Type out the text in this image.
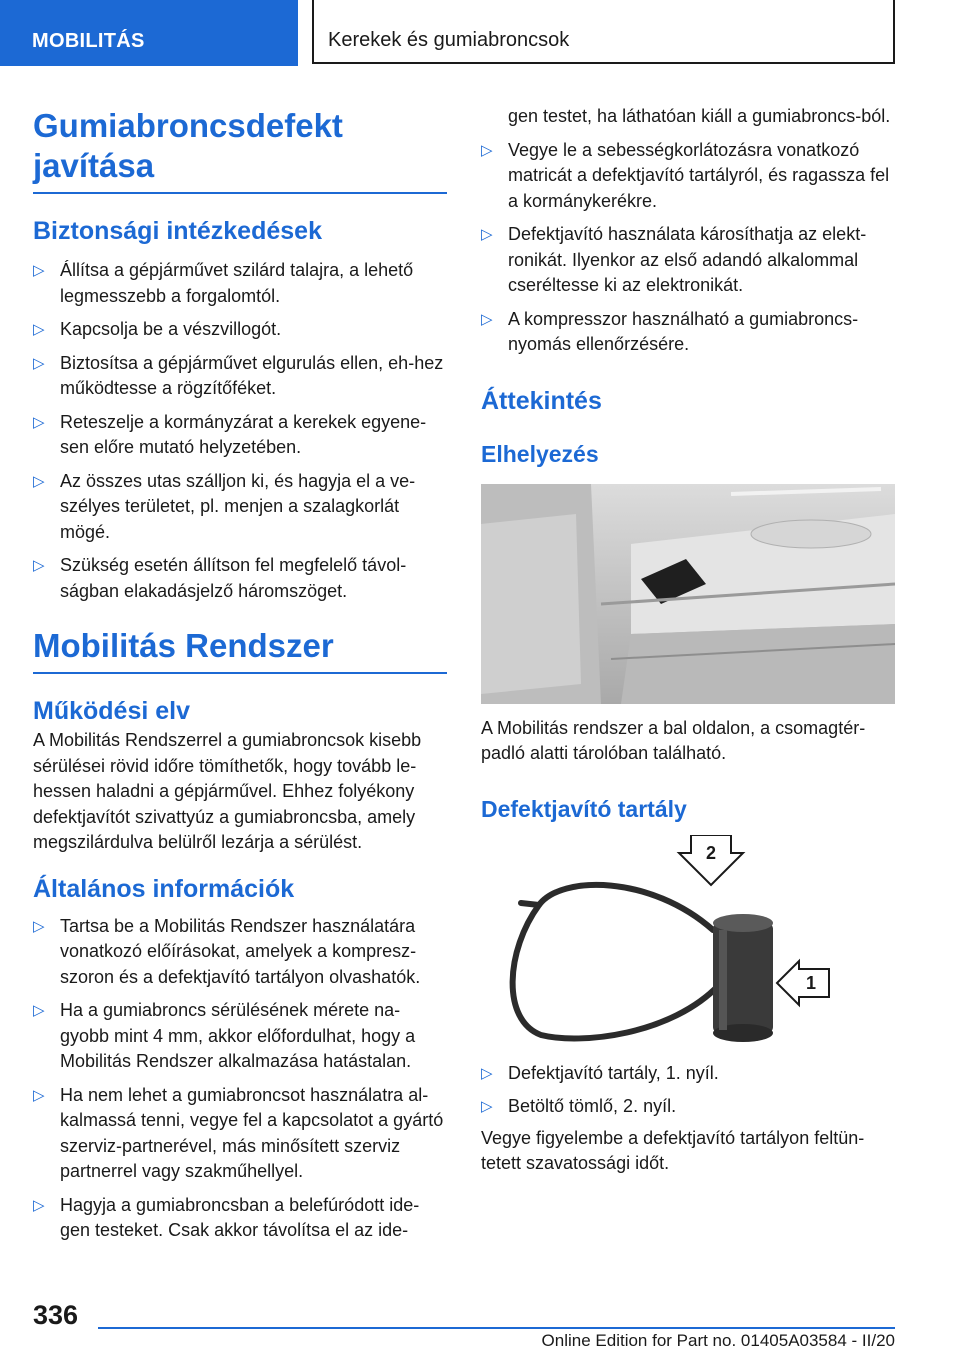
MOBILITÁS	Kerekek és gumiabroncsok
Gumiabroncsdefekt javítása
Biztonsági intézkedések
▷ Állítsa a gépjárművet szilárd talajra, a lehető legmesszebb a forgalomtól.
▷ Kapcsolja be a vészvillogót.
▷ Biztosítsa a gépjárművet elgurulás ellen, eh-hez működtesse a rögzítőféket.
▷ Reteszelje a kormányzárat a kerekek egyene-sen előre mutató helyzetében.
▷ Az összes utas szálljon ki, és hagyja el a ve-szélyes területet, pl. menjen a szalagkorlát mögé.
▷ Szükség esetén állítson fel megfelelő távol-ságban elakadásjelző háromszöget.
Mobilitás Rendszer
Működési elv

A Mobilitás Rendszerrel a gumiabroncsok kisebb sérülései rövid időre tömíthetők, hogy tovább le-hessen haladni a gépjárművel. Ehhez folyékony defektjavítót szivattyúz a gumiabroncsba, amely megszilárdulva belülről lezárja a sérülést.

Általános információk
▷ Tartsa be a Mobilitás Rendszer használatára vonatkozó előírásokat, amelyek a kompresz-szoron és a defektjavító tartályon olvashatók.
▷ Ha a gumiabroncs sérülésének mérete na-gyobb mint 4 mm, akkor előfordulhat, hogy a Mobilitás Rendszer alkalmazása hatástalan.
▷ Ha nem lehet a gumiabroncsot használatra al-kalmassá tenni, vegye fel a kapcsolatot a gyártó szerviz-partnerével, más minősített szerviz partnerrel vagy szakműhellyel.
▷ Hagyja a gumiabroncsban a belefúródott ide-gen testeket. Csak akkor távolítsa el az ide-
gen testet, ha láthatóan kiáll a gumiabroncs-ból.
▷ Vegye le a sebességkorlátozásra vonatkozó matricát a defektjavító tartályról, és ragassza fel a kormánykerékre.
▷ Defektjavító használata károsíthatja az elekt-ronikát. Ilyenkor az első adandó alkalommal cseréltesse ki az elektronikát.
▷ A kompresszor használható a gumiabroncs-nyomás ellenőrzésére.
Áttekintés
Elhelyezés

A Mobilitás rendszer a bal oldalon, a csomagtér-padló alatti tárolóban található.

Defektjavító tartály
2
1
▷ Defektjavító tartály, 1. nyíl.
▷ Betöltő tömlő, 2. nyíl.

Vegye figyelembe a defektjavító tartályon feltün-tetett szavatossági időt.

336
Online Edition for Part no. 01405A03584 - II/20
